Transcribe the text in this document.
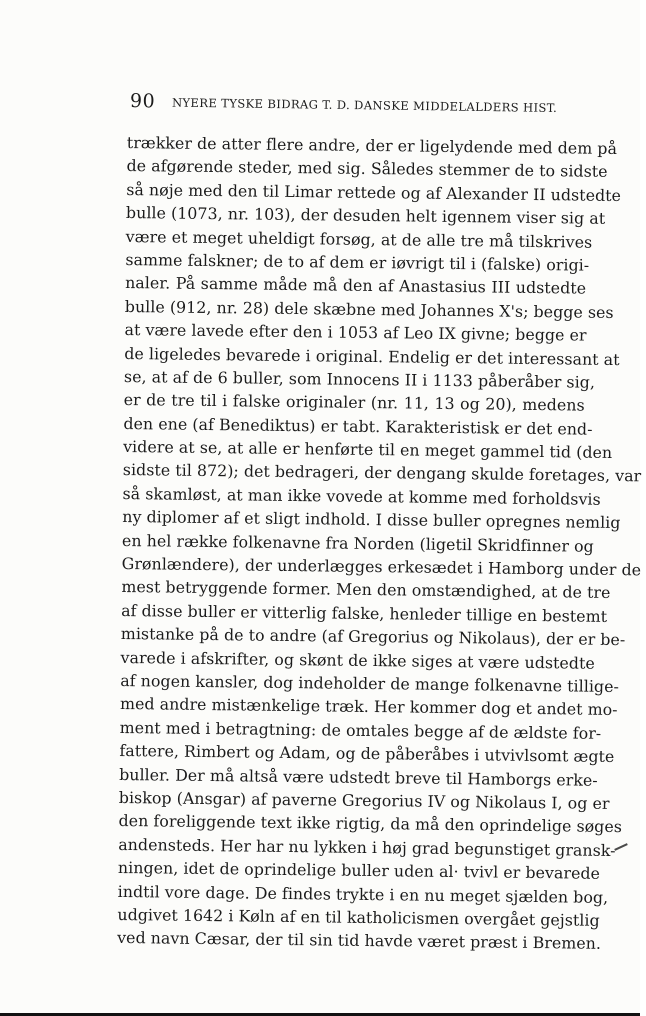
90 NYERE TYSKE BIDRAG T. D. DANSKE MIDDELALDERS HIST.
trækker de atter flere andre, der er ligelydende med dem på
de afgørende steder, med sig. Således stemmer de to sidste
så nøje med den til Limar rettede og af Alexander II udstedte
bulle (1073, nr. 103), der desuden helt igennem viser sig at
være et meget uheldigt forsøg, at de alle tre må tilskrives
samme falskner; de to af dem er iøvrigt til i (falske) origi-
naler. På samme måde må den af Anastasius III udstedte
bulle (912, nr. 28) dele skæbne med Johannes X's; begge ses
at være lavede efter den i 1053 af Leo IX givne; begge er
de ligeledes bevarede i original. Endelig er det interessant at
se, at af de 6 buller, som Innocens II i 1133 påberåber sig,
er de tre til i falske originaler (nr. 11, 13 og 20), medens
den ene (af Benediktus) er tabt. Karakteristisk er det end-
videre at se, at alle er henførte til en meget gammel tid (den
sidste til 872); det bedrageri, der dengang skulde foretages, var
så skamløst, at man ikke vovede at komme med forholdsvis
ny diplomer af et sligt indhold. I disse buller opregnes nemlig
en hel række folkenavne fra Norden (ligetil Skridfinner og
Grønlændere), der underlægges erkesædet i Hamborg under de
mest betryggende former. Men den omstændighed, at de tre
af disse buller er vitterlig falske, henleder tillige en bestemt
mistanke på de to andre (af Gregorius og Nikolaus), der er be-
varede i afskrifter, og skønt de ikke siges at være udstedte
af nogen kansler, dog indeholder de mange folkenavne tillige-
med andre mistænkelige træk. Her kommer dog et andet mo-
ment med i betragtning: de omtales begge af de ældste for-
fattere, Rimbert og Adam, og de påberåbes i utvivlsomt ægte
buller. Der må altså være udstedt breve til Hamborgs erke-
biskop (Ansgar) af paverne Gregorius IV og Nikolaus I, og er
den foreliggende text ikke rigtig, da må den oprindelige søges
andensteds. Her har nu lykken i høj grad begunstiget gransk-
ningen, idet de oprindelige buller uden al· tvivl er bevarede
indtil vore dage. De findes trykte i en nu meget sjælden bog,
udgivet 1642 i Køln af en til katholicismen overgået gejstlig
ved navn Cæsar, der til sin tid havde været præst i Bremen.
